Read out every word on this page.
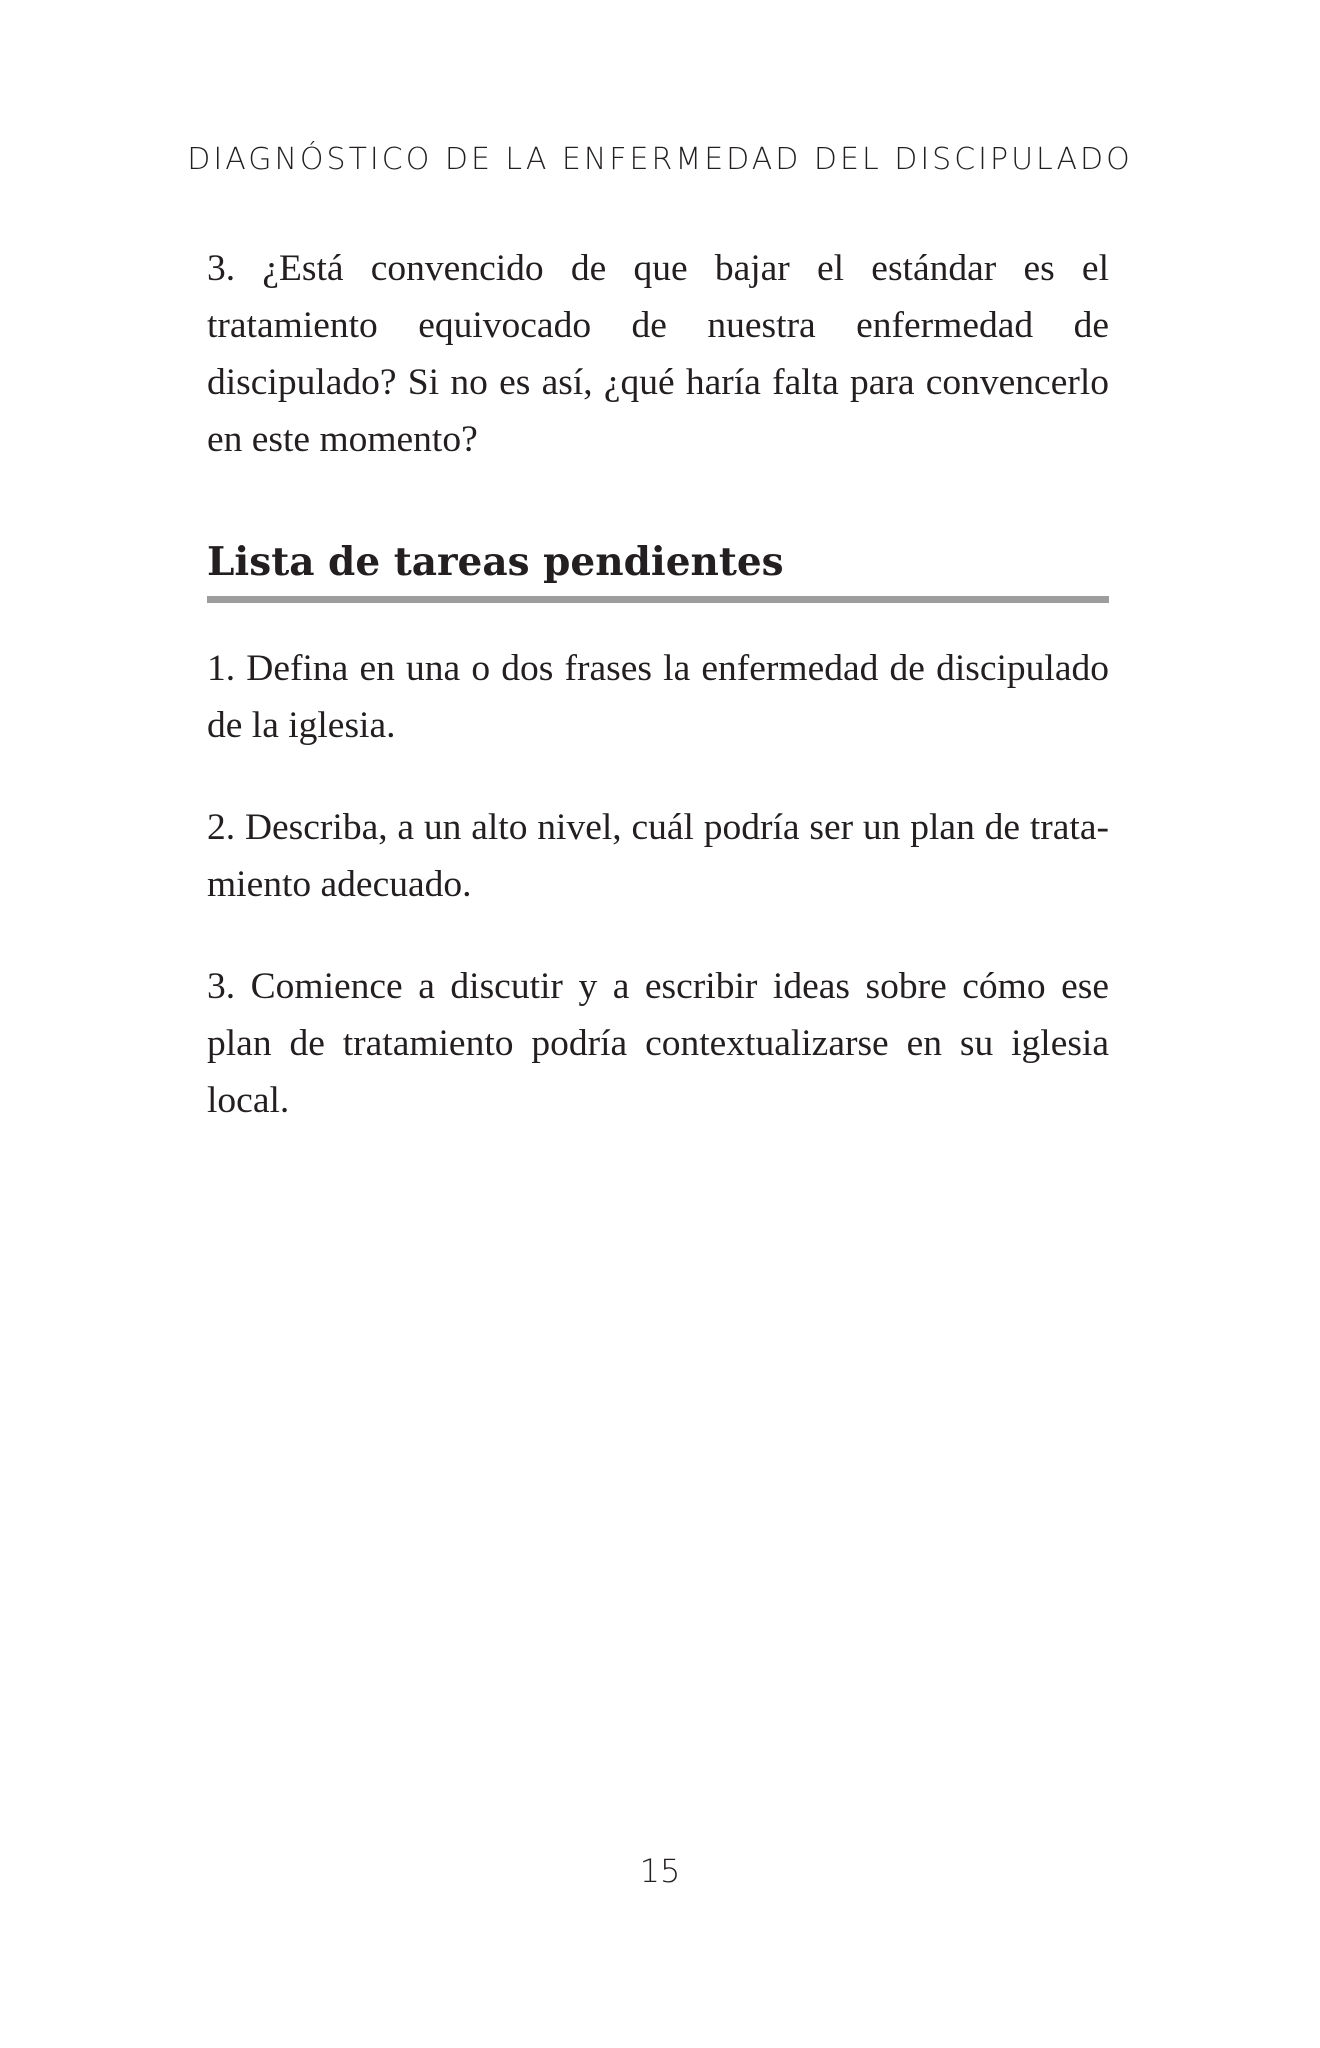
DIAGNÓSTICO DE LA ENFERMEDAD DEL DISCIPULADO

3. ¿Está convencido de que bajar el estándar es el tratamiento equivocado de nuestra enfermedad de discipulado? Si no es así, ¿qué haría falta para convencerlo en este momento?

Lista de tareas pendientes

1. Defina en una o dos frases la enfermedad de discipulado de la iglesia.

2. Describa, a un alto nivel, cuál podría ser un plan de tratamiento adecuado.

3. Comience a discutir y a escribir ideas sobre cómo ese plan de tratamiento podría contextualizarse en su iglesia local.

15
